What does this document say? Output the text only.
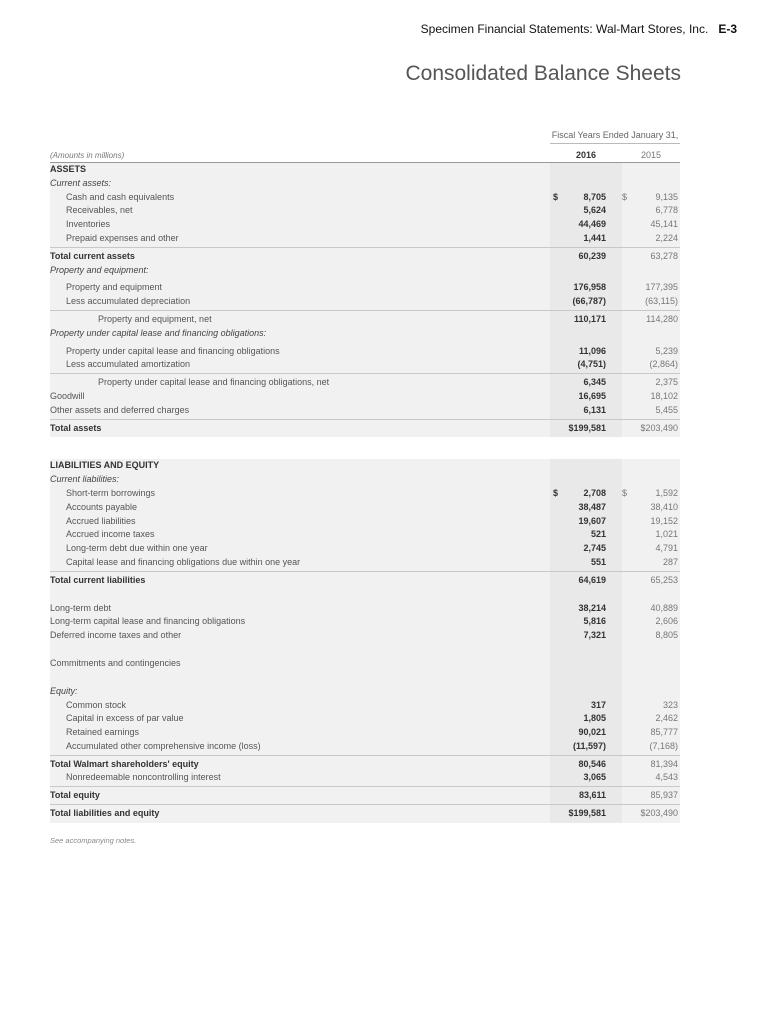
Specimen Financial Statements: Wal-Mart Stores, Inc. E-3
Consolidated Balance Sheets
Fiscal Years Ended January 31,
(Amounts in millions)	2016	2015
ASSETS
Current assets:
Cash and cash equivalents	$	8,705 $	9,135
Receivables, net	5,624	6,778
Inventories	44,469	45,141
Prepaid expenses and other	1,441	2,224
Total current assets	60,239	63,278
Property and equipment:
Property and equipment	176,958	177,395
Less accumulated depreciation	(66,787)	(63,115)
Property and equipment, net	110,171	114,280
Property under capital lease and financing obligations:
Property under capital lease and financing obligations	11,096	5,239
Less accumulated amortization	(4,751)	(2,864)
Property under capital lease and financing obligations, net	6,345	2,375
Goodwill	16,695	18,102
Other assets and deferred charges	6,131	5,455
Total assets	$199,581	$203,490
LIABILITIES AND EQUITY
Current liabilities:
Short-term borrowings	$	2,708 $	1,592
Accounts payable	38,487	38,410
Accrued liabilities	19,607	19,152
Accrued income taxes	521	1,021
Long-term debt due within one year	2,745	4,791
Capital lease and financing obligations due within one year	551	287
Total current liabilities	64,619	65,253
Long-term debt	38,214	40,889
Long-term capital lease and financing obligations	5,816	2,606
Deferred income taxes and other	7,321	8,805
Commitments and contingencies
Equity:
Common stock	317	323
Capital in excess of par value	1,805	2,462
Retained earnings	90,021	85,777
Accumulated other comprehensive income (loss)	(11,597)	(7,168)
Total Walmart shareholders' equity	80,546	81,394
Nonredeemable noncontrolling interest	3,065	4,543
Total equity	83,611	85,937
Total liabilities and equity	$199,581	$203,490
See accompanying notes.
